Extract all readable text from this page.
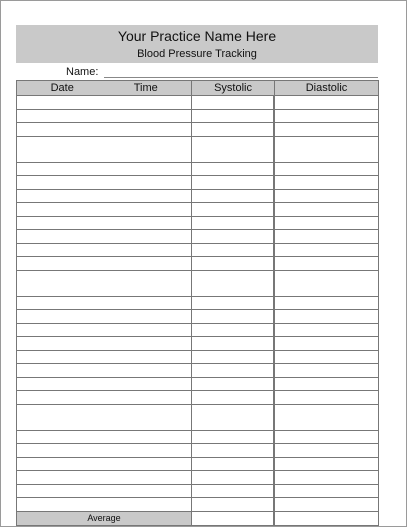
Your Practice Name Here
Blood Pressure Tracking
Name:
Date Time	Systolic	Diastolic

Average			
